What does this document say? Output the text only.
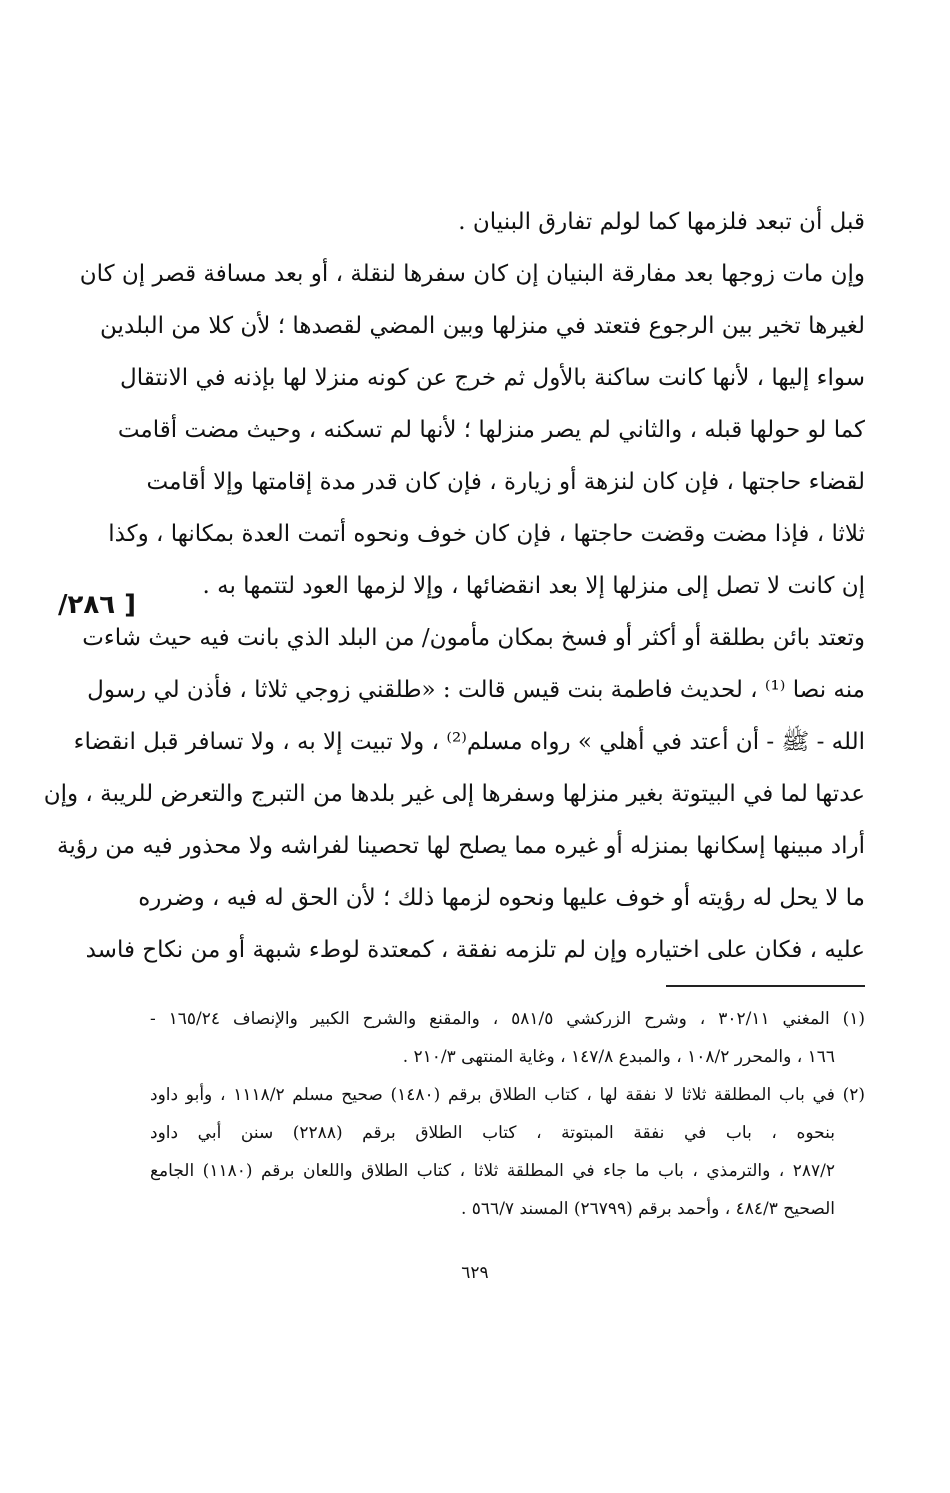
قبل أن تبعد فلزمها كما لولم تفارق البنيان .
وإن مات زوجها بعد مفارقة البنيان إن كان سفرها لنقلة ، أو بعد مسافة قصر إن كان
لغيرها تخير بين الرجوع فتعتد في منزلها وبين المضي لقصدها ؛ لأن كلا من البلدين
سواء إليها ، لأنها كانت ساكنة بالأول ثم خرج عن كونه منزلا لها بإذنه في الانتقال
كما لو حولها قبله ، والثاني لم يصر منزلها ؛ لأنها لم تسكنه ، وحيث مضت أقامت
لقضاء حاجتها ، فإن كان لنزهة أو زيارة ، فإن كان قدر مدة إقامتها وإلا أقامت
ثلاثا ، فإذا مضت وقضت حاجتها ، فإن كان خوف ونحوه أتمت العدة بمكانها ، وكذا
إن كانت لا تصل إلى منزلها إلا بعد انقضائها ، وإلا لزمها العود لتتمها به .
وتعتد بائن بطلقة أو أكثر أو فسخ بمكان مأمون/ من البلد الذي بانت فيه حيث شاءت
منه نصا ⁽¹⁾ ، لحديث فاطمة بنت قيس قالت : «طلقني زوجي ثلاثا ، فأذن لي رسول
الله - ﷺ - أن أعتد في أهلي » رواه مسلم⁽²⁾ ، ولا تبيت إلا به ، ولا تسافر قبل انقضاء
عدتها لما في البيتوتة بغير منزلها وسفرها إلى غير بلدها من التبرج والتعرض للريبة ، وإن
أراد مبينها إسكانها بمنزله أو غيره مما يصلح لها تحصينا لفراشه ولا محذور فيه من رؤية
ما لا يحل له رؤيته أو خوف عليها ونحوه لزمها ذلك ؛ لأن الحق له فيه ، وضرره
عليه ، فكان على اختياره وإن لم تلزمه نفقة ، كمعتدة لوطء شبهة أو من نكاح فاسد
[ ٢٨٦/
(١) المغني ٣٠٢/١١ ، وشرح الزركشي ٥٨١/٥ ، والمقنع والشرح الكبير والإنصاف ١٦٥/٢٤ -
١٦٦ ، والمحرر ١٠٨/٢ ، والمبدع ١٤٧/٨ ، وغاية المنتهى ٢١٠/٣ .
(٢) في باب المطلقة ثلاثا لا نفقة لها ، كتاب الطلاق برقم (١٤٨٠) صحيح مسلم ١١١٨/٢ ، وأبو داود
بنحوه ، باب في نفقة المبتوتة ، كتاب الطلاق برقم (٢٢٨٨) سنن أبي داود
٢٨٧/٢ ، والترمذي ، باب ما جاء في المطلقة ثلاثا ، كتاب الطلاق واللعان برقم (١١٨٠) الجامع
الصحيح ٤٨٤/٣ ، وأحمد برقم (٢٦٧٩٩) المسند ٥٦٦/٧ .
٦٢٩
